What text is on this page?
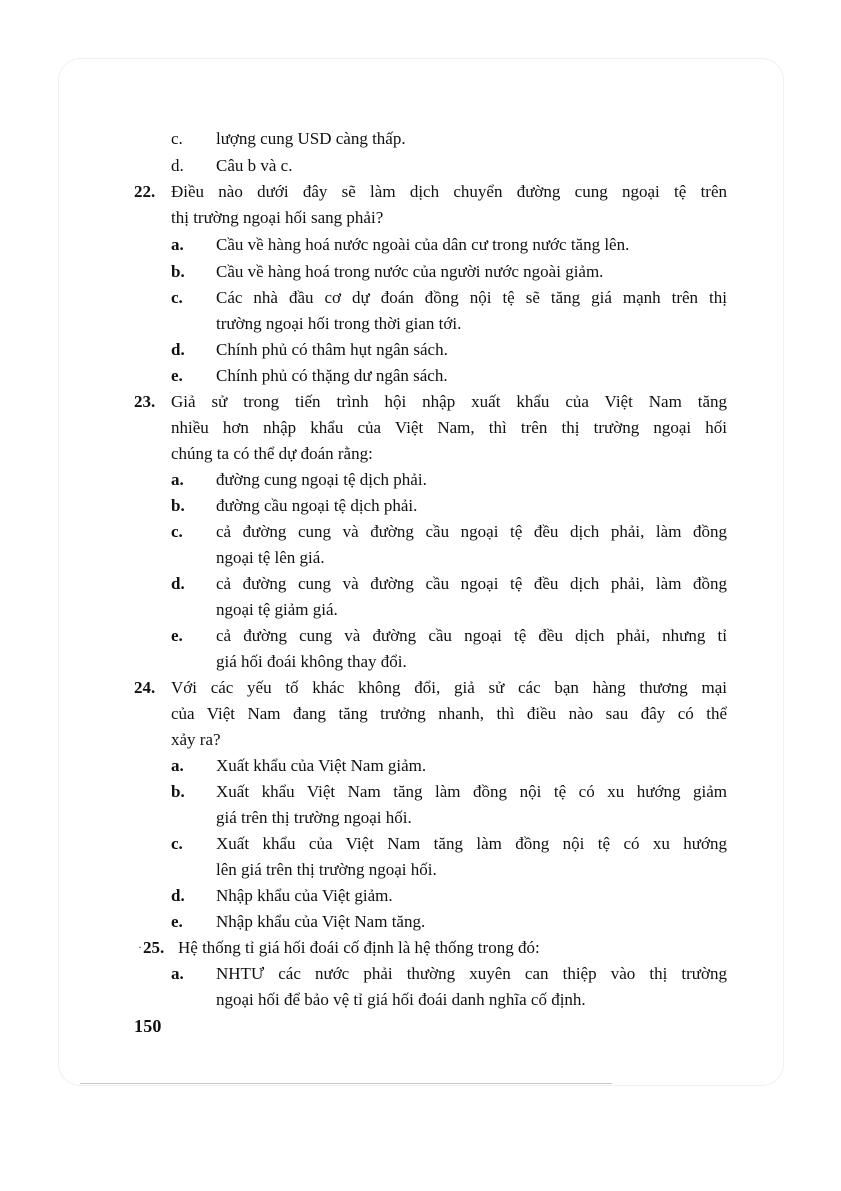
·
c. lượng cung USD càng thấp.
d. Câu b và c.
22. Điều nào dưới đây sẽ làm dịch chuyển đường cung ngoại tệ trên
thị trường ngoại hối sang phải?
a. Cầu về hàng hoá nước ngoài của dân cư trong nước tăng lên.
b. Cầu về hàng hoá trong nước của người nước ngoài giảm.
c. Các nhà đầu cơ dự đoán đồng nội tệ sẽ tăng giá mạnh trên thị
trường ngoại hối trong thời gian tới.
d. Chính phủ có thâm hụt ngân sách.
e. Chính phủ có thặng dư ngân sách.
23. Giả sử trong tiến trình hội nhập xuất khẩu của Việt Nam tăng
nhiều hơn nhập khẩu của Việt Nam, thì trên thị trường ngoại hối
chúng ta có thể dự đoán rằng:
a. đường cung ngoại tệ dịch phải.
b. đường cầu ngoại tệ dịch phải.
c. cả đường cung và đường cầu ngoại tệ đều dịch phải, làm đồng
ngoại tệ lên giá.
d. cả đường cung và đường cầu ngoại tệ đều dịch phải, làm đồng
ngoại tệ giảm giá.
e. cả đường cung và đường cầu ngoại tệ đều dịch phải, nhưng tỉ
giá hối đoái không thay đổi.
24. Với các yếu tố khác không đổi, giả sử các bạn hàng thương mại
của Việt Nam đang tăng trưởng nhanh, thì điều nào sau đây có thể
xảy ra?
a. Xuất khẩu của Việt Nam giảm.
b. Xuất khẩu Việt Nam tăng làm đồng nội tệ có xu hướng giảm
giá trên thị trường ngoại hối.
c. Xuất khẩu của Việt Nam tăng làm đồng nội tệ có xu hướng
lên giá trên thị trường ngoại hối.
d. Nhập khẩu của Việt giảm.
e. Nhập khẩu của Việt Nam tăng.
25. Hệ thống tỉ giá hối đoái cố định là hệ thống trong đó:
a. NHTƯ các nước phải thường xuyên can thiệp vào thị trường
ngoại hối để bảo vệ tỉ giá hối đoái danh nghĩa cố định.
150
